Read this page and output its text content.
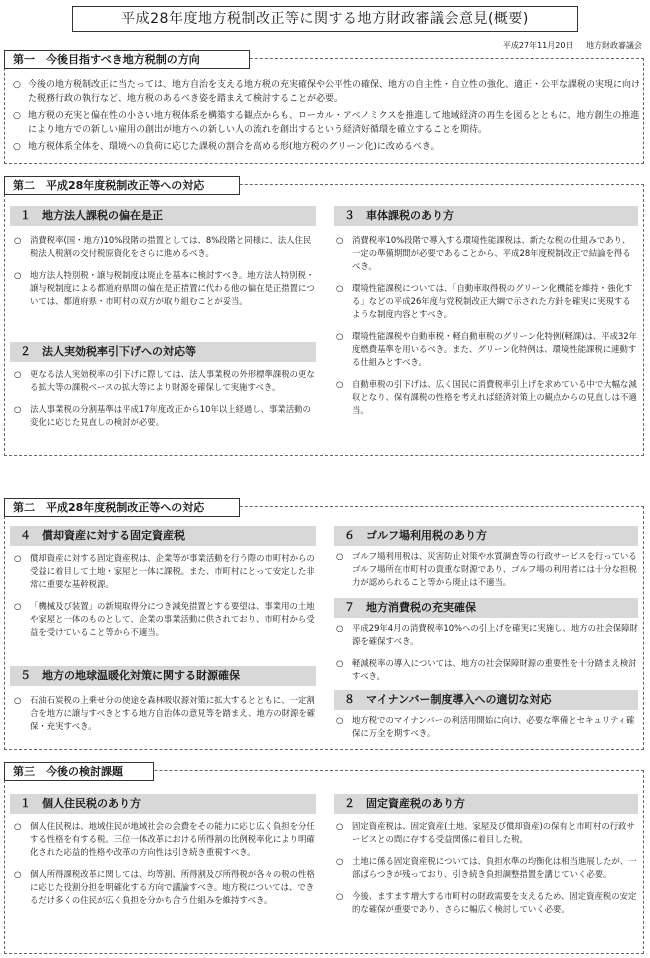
平成28年度地方税制改正等に関する地方財政審議会意見(概要)
平成27年11月20日 地方財政審議会
第一　今後目指すべき地方税制の方向
○ 今後の地方税制改正に当たっては、地方自治を支える地方税の充実確保や公平性の確保、地方の自主性・自立性の強化、適正・公平な課税の実現に向けた税務行政の執行など、地方税のあるべき姿を踏まえて検討することが必要。
○ 地方税の充実と偏在性の小さい地方税体系を構築する観点からも、ローカル・アベノミクスを推進して地域経済の再生を図るとともに、地方創生の推進により地方での新しい雇用の創出が地方への新しい人の流れを創出するという経済好循環を確立することを期待。
○ 地方税体系全体を、環境への負荷に応じた課税の割合を高める形(地方税のグリーン化)に改めるべき。
第二　平成28年度税制改正等への対応
１　地方法人課税の偏在是正
○ 消費税率(国・地方)10%段階の措置としては、8%段階と同様に、法人住民税法人税割の交付税原資化をさらに進めるべき。
○ 地方法人特別税・譲与税制度は廃止を基本に検討すべき。地方法人特別税・譲与税制度による都道府県間の偏在是正措置に代わる他の偏在是正措置については、都道府県・市町村の双方が取り組むことが妥当。
２　法人実効税率引下げへの対応等
○ 更なる法人実効税率の引下げに際しては、法人事業税の外形標準課税の更なる拡大等の課税ベースの拡大等により財源を確保して実施すべき。
○ 法人事業税の分割基準は平成17年度改正から10年以上経過し、事業活動の変化に応じた見直しの検討が必要。
３　車体課税のあり方
○ 消費税率10%段階で導入する環境性能課税は、新たな税の仕組みであり、一定の準備期間が必要であることから、平成28年度税制改正で結論を得るべき。
○ 環境性能課税については、「自動車取得税のグリーン化機能を維持・強化する」などの平成26年度与党税制改正大綱で示された方針を確実に実現するような制度内容とすべき。
○ 環境性能課税や自動車税・軽自動車税のグリーン化特例(軽課)は、平成32年度燃費基準を用いるべき。また、グリーン化特例は、環境性能課税に連動する仕組みとすべき。
○ 自動車税の引下げは、広く国民に消費税率引上げを求めている中で大幅な減収となり、保有課税の性格を考えれば経済対策上の観点からの見直しは不適当。
第二　平成28年度税制改正等への対応
４　償却資産に対する固定資産税
○ 償却資産に対する固定資産税は、企業等が事業活動を行う際の市町村からの受益に着目して土地・家屋と一体に課税。また、市町村にとって安定した非常に重要な基幹税源。
○ 「機械及び装置」の新規取得分につき減免措置とする要望は、事業用の土地や家屋と一体のものとして、企業の事業活動に供されており、市町村から受益を受けていること等から不適当。
５　地方の地球温暖化対策に関する財源確保
○ 石油石炭税の上乗せ分の使途を森林吸収源対策に拡大するとともに、一定割合を地方に譲与すべきとする地方自治体の意見等を踏まえ、地方の財源を確保・充実すべき。
６　ゴルフ場利用税のあり方
○ ゴルフ場利用税は、災害防止対策や水質調査等の行政サービスを行っているゴルフ場所在市町村の貴重な財源であり、ゴルフ場の利用者には十分な担税力が認められること等から廃止は不適当。
７　地方消費税の充実確保
○ 平成29年4月の消費税率10%への引上げを確実に実施し、地方の社会保障財源を確保すべき。
○ 軽減税率の導入については、地方の社会保障財源の重要性を十分踏まえ検討すべき。
８　マイナンバー制度導入への適切な対応
○ 地方税でのマイナンバーの利活用開始に向け、必要な準備とセキュリティ確保に万全を期すべき。
第三　今後の検討課題
１　個人住民税のあり方
○ 個人住民税は、地域住民が地域社会の会費をその能力に応じ広く負担を分任する性格を有する税。三位一体改革における所得割の比例税率化により明確化された応益的性格や改革の方向性は引き続き重視すべき。
○ 個人所得課税改革に関しては、均等割、所得割及び所得税が各々の税の性格に応じた役割分担を明確化する方向で議論すべき。地方税については、できるだけ多くの住民が広く負担を分かち合う仕組みを維持すべき。
２　固定資産税のあり方
○ 固定資産税は、固定資産(土地、家屋及び償却資産)の保有と市町村の行政サービスとの間に存する受益関係に着目した税。
○ 土地に係る固定資産税については、負担水準の均衡化は相当進展したが、一部ばらつきが残っており、引き続き負担調整措置を講じていく必要。
○ 今後、ますます増大する市町村の財政需要を支えるため、固定資産税の安定的な確保が重要であり、さらに幅広く検討していく必要。
